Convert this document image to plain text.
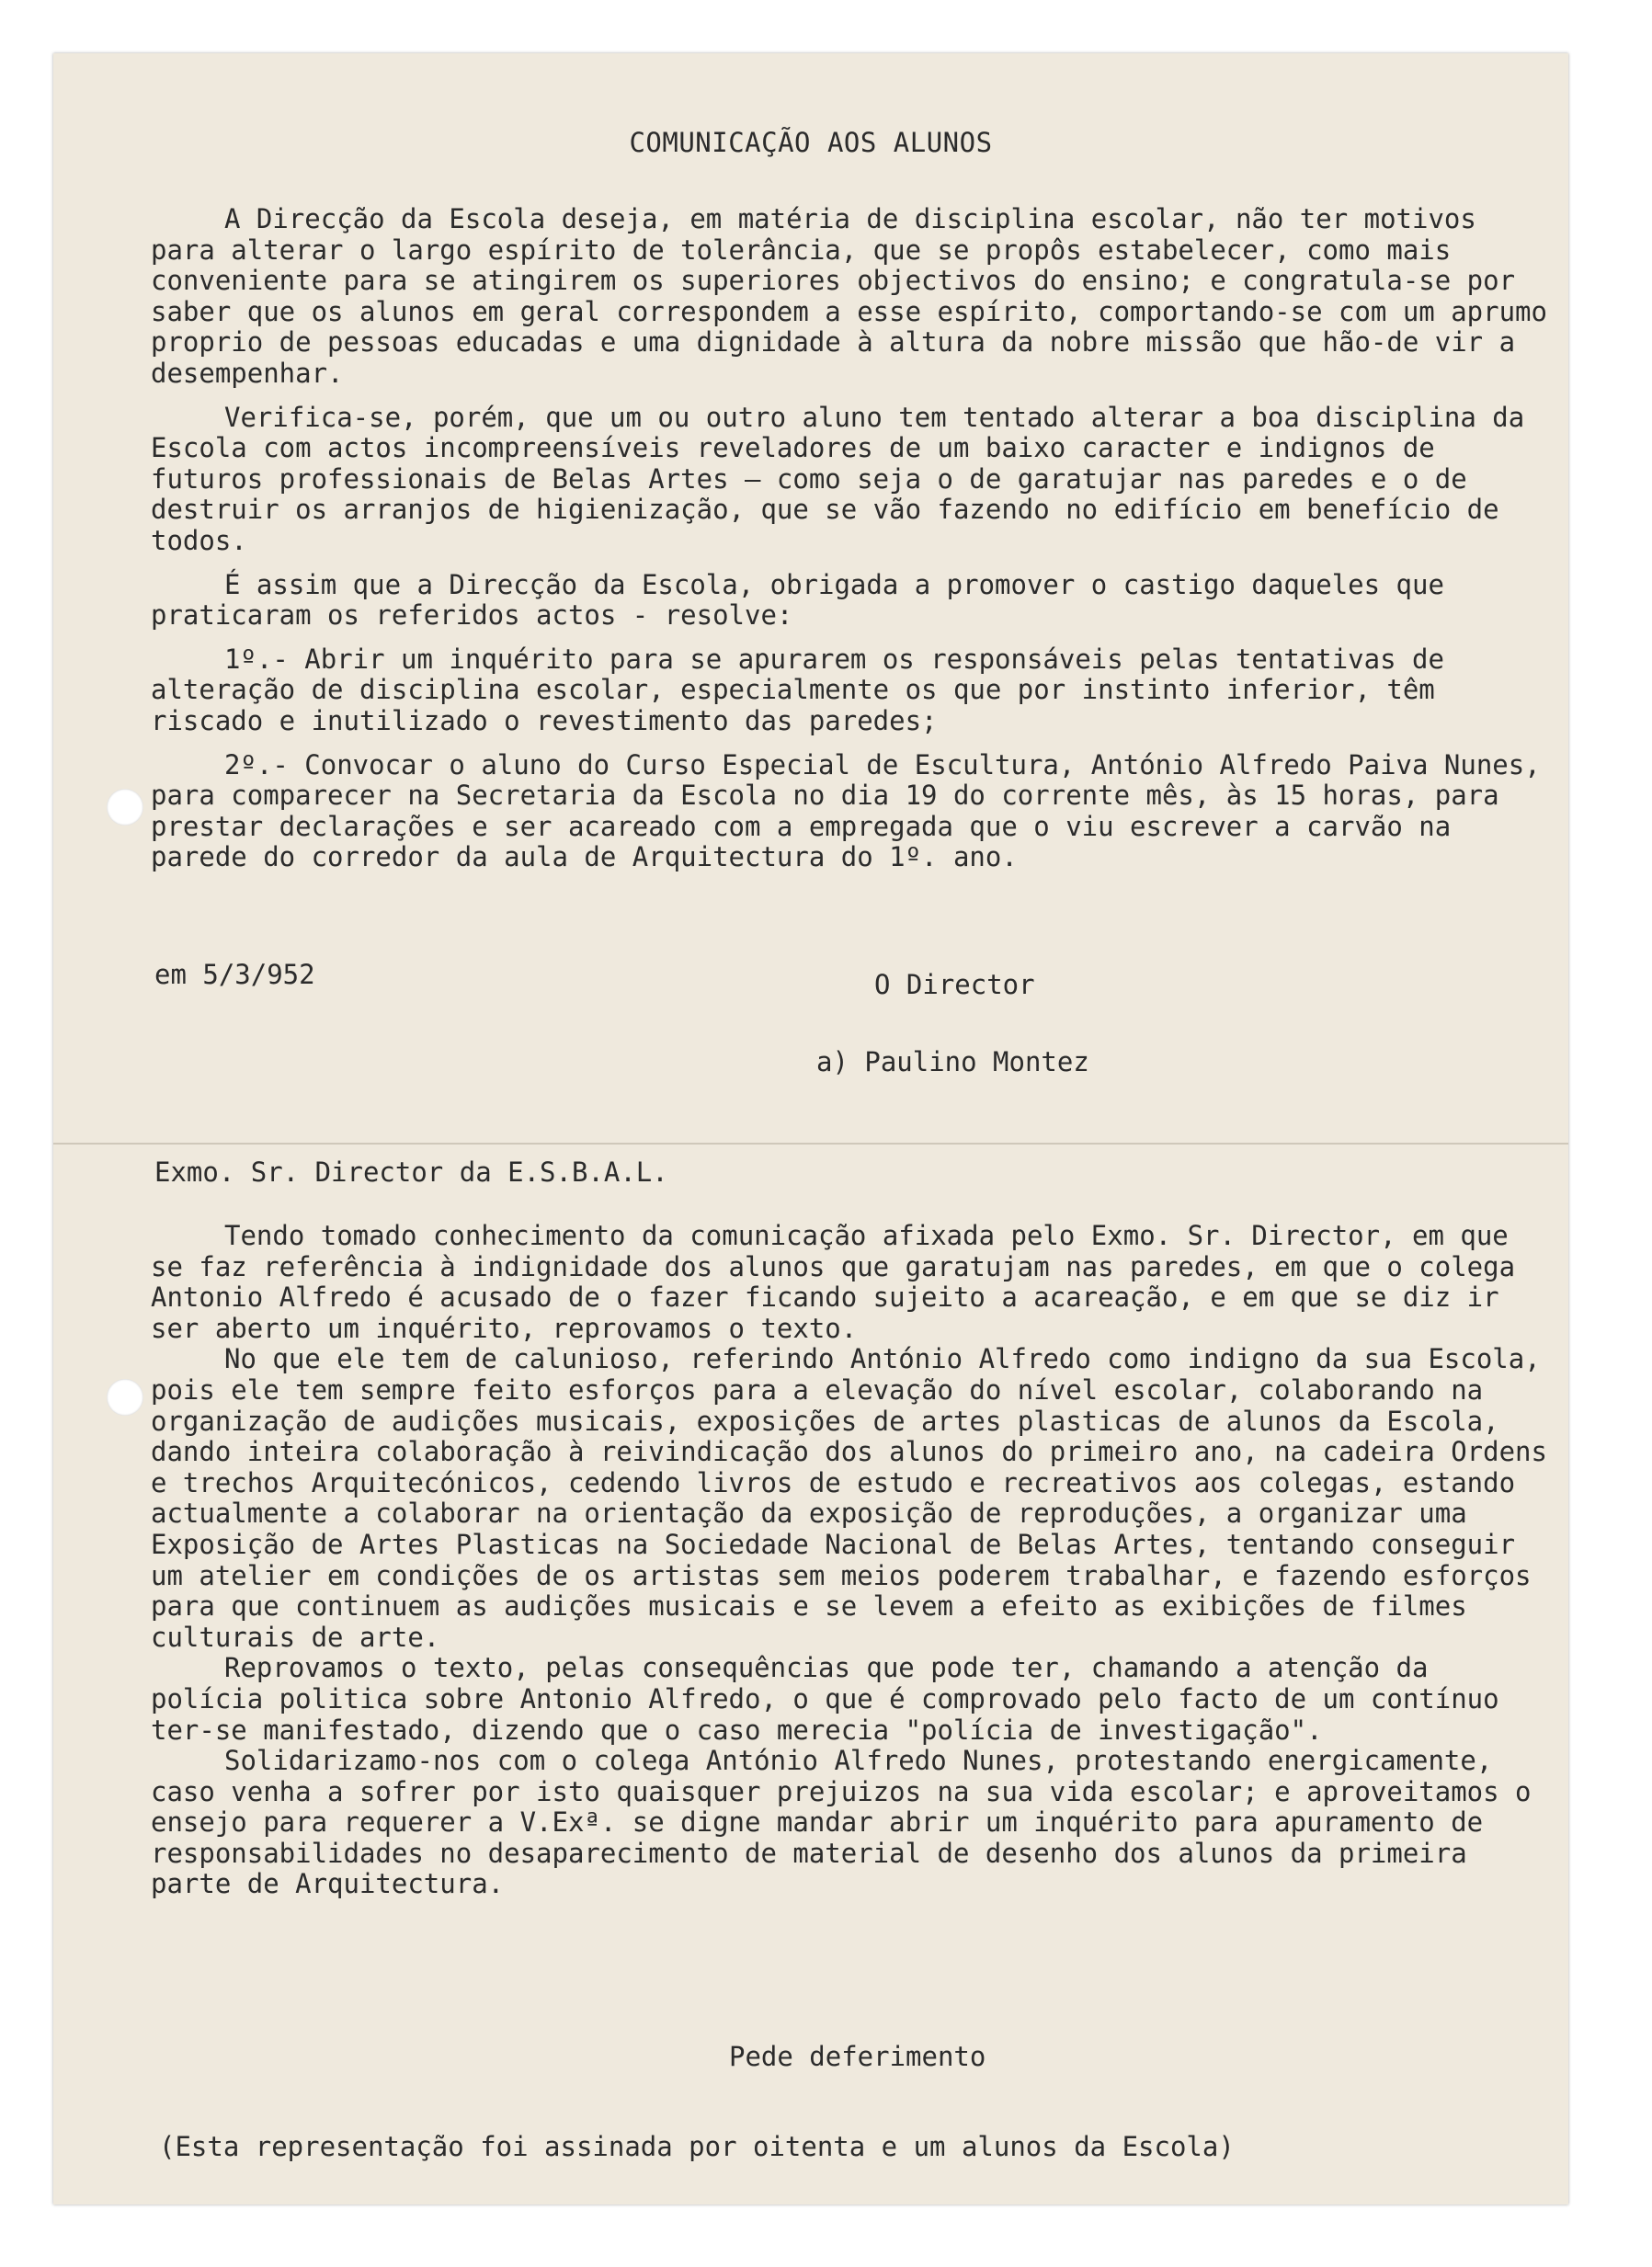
COMUNICAÇÃO AOS ALUNOS

A Direcção da Escola deseja, em matéria de disciplina escolar, não ter motivos para alterar o largo espírito de tolerância, que se propôs estabelecer, como mais conveniente para se atingirem os superiores objectivos do ensino; e congratula-se por saber que os alunos em geral correspondem a esse espírito, comportando-se com um aprumo proprio de pessoas educadas e uma dignidade à altura da nobre missão que hão-de vir a desempenhar.

Verifica-se, porém, que um ou outro aluno tem tentado alterar a boa disciplina da Escola com actos incompreensíveis reveladores de um baixo caracter e indignos de futuros professionais de Belas Artes — como seja o de garatujar nas paredes e o de destruir os arranjos de higienização, que se vão fazendo no edifício em benefício de todos.

É assim que a Direcção da Escola, obrigada a promover o castigo daqueles que praticaram os referidos actos - resolve:

1º.- Abrir um inquérito para se apurarem os responsáveis pelas tentativas de alteração de disciplina escolar, especialmente os que por instinto inferior, têm riscado e inutilizado o revestimento das paredes;

2º.- Convocar o aluno do Curso Especial de Escultura, António Alfredo Paiva Nunes, para comparecer na Secretaria da Escola no dia 19 do corrente mês, às 15 horas, para prestar declarações e ser acareado com a empregada que o viu escrever a carvão na parede do corredor da aula de Arquitectura do 1º. ano.

em 5/3/952	O Director
a) Paulino Montez
Exmo. Sr. Director da E.S.B.A.L.

Tendo tomado conhecimento da comunicação afixada pelo Exmo. Sr. Director, em que se faz referência à indignidade dos alunos que garatujam nas paredes, em que o colega Antonio Alfredo é acusado de o fazer ficando sujeito a acareação, e em que se diz ir ser aberto um inquérito, reprovamos o texto.

No que ele tem de calunioso, referindo António Alfredo como indigno da sua Escola, pois ele tem sempre feito esforços para a elevação do nível escolar, colaborando na organização de audições musicais, exposições de artes plasticas de alunos da Escola, dando inteira colaboração à reivindicação dos alunos do primeiro ano, na cadeira Ordens e trechos Arquitecónicos, cedendo livros de estudo e recreativos aos colegas, estando actualmente a colaborar na orientação da exposição de reproduções, a organizar uma Exposição de Artes Plasticas na Sociedade Nacional de Belas Artes, tentando conseguir um atelier em condições de os artistas sem meios poderem trabalhar, e fazendo esforços para que continuem as audições musicais e se levem a efeito as exibições de filmes culturais de arte.

Reprovamos o texto, pelas consequências que pode ter, chamando a atenção da polícia politica sobre Antonio Alfredo, o que é comprovado pelo facto de um contínuo ter-se manifestado, dizendo que o caso merecia "polícia de investigação".

Solidarizamo-nos com o colega António Alfredo Nunes, protestando energicamente, caso venha a sofrer por isto quaisquer prejuizos na sua vida escolar; e aproveitamos o ensejo para requerer a V.Exª. se digne mandar abrir um inquérito para apuramento de responsabilidades no desaparecimento de material de desenho dos alunos da primeira parte de Arquitectura.

Pede deferimento
(Esta representação foi assinada por oitenta e um alunos da Escola)
